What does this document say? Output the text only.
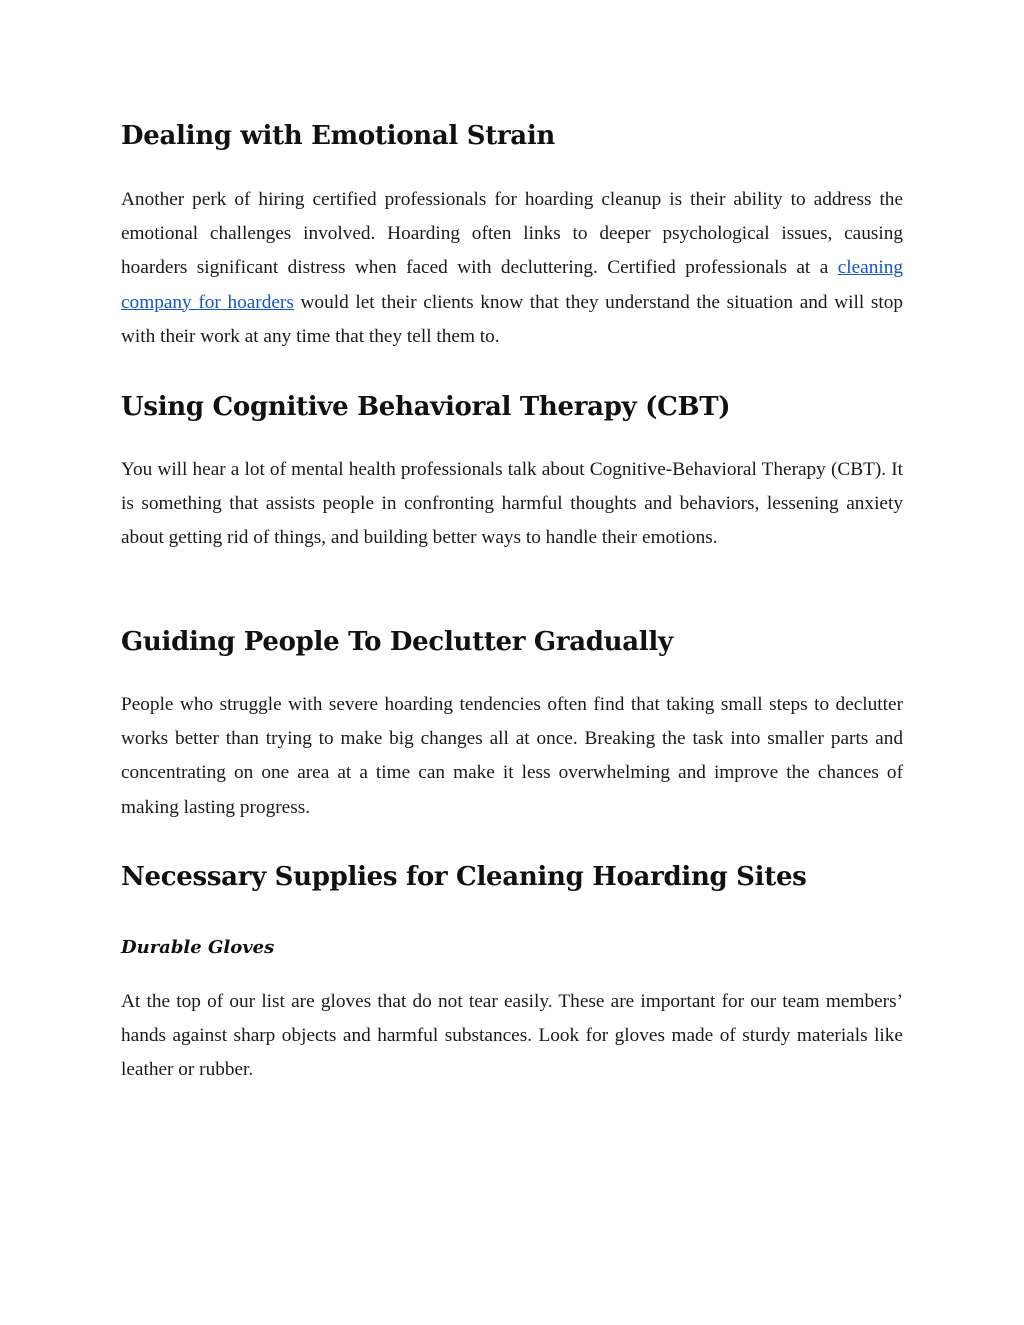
Dealing with Emotional Strain

Another perk of hiring certified professionals for hoarding cleanup is their ability to address the emotional challenges involved. Hoarding often links to deeper psychological issues, causing hoarders significant distress when faced with decluttering. Certified professionals at a cleaning company for hoarders would let their clients know that they understand the situation and will stop with their work at any time that they tell them to.

Using Cognitive Behavioral Therapy (CBT)

You will hear a lot of mental health professionals talk about Cognitive-Behavioral Therapy (CBT). It is something that assists people in confronting harmful thoughts and behaviors, lessening anxiety about getting rid of things, and building better ways to handle their emotions.

Guiding People To Declutter Gradually

People who struggle with severe hoarding tendencies often find that taking small steps to declutter works better than trying to make big changes all at once. Breaking the task into smaller parts and concentrating on one area at a time can make it less overwhelming and improve the chances of making lasting progress.

Necessary Supplies for Cleaning Hoarding Sites
Durable Gloves

At the top of our list are gloves that do not tear easily. These are important for our team members’ hands against sharp objects and harmful substances. Look for gloves made of sturdy materials like leather or rubber.
